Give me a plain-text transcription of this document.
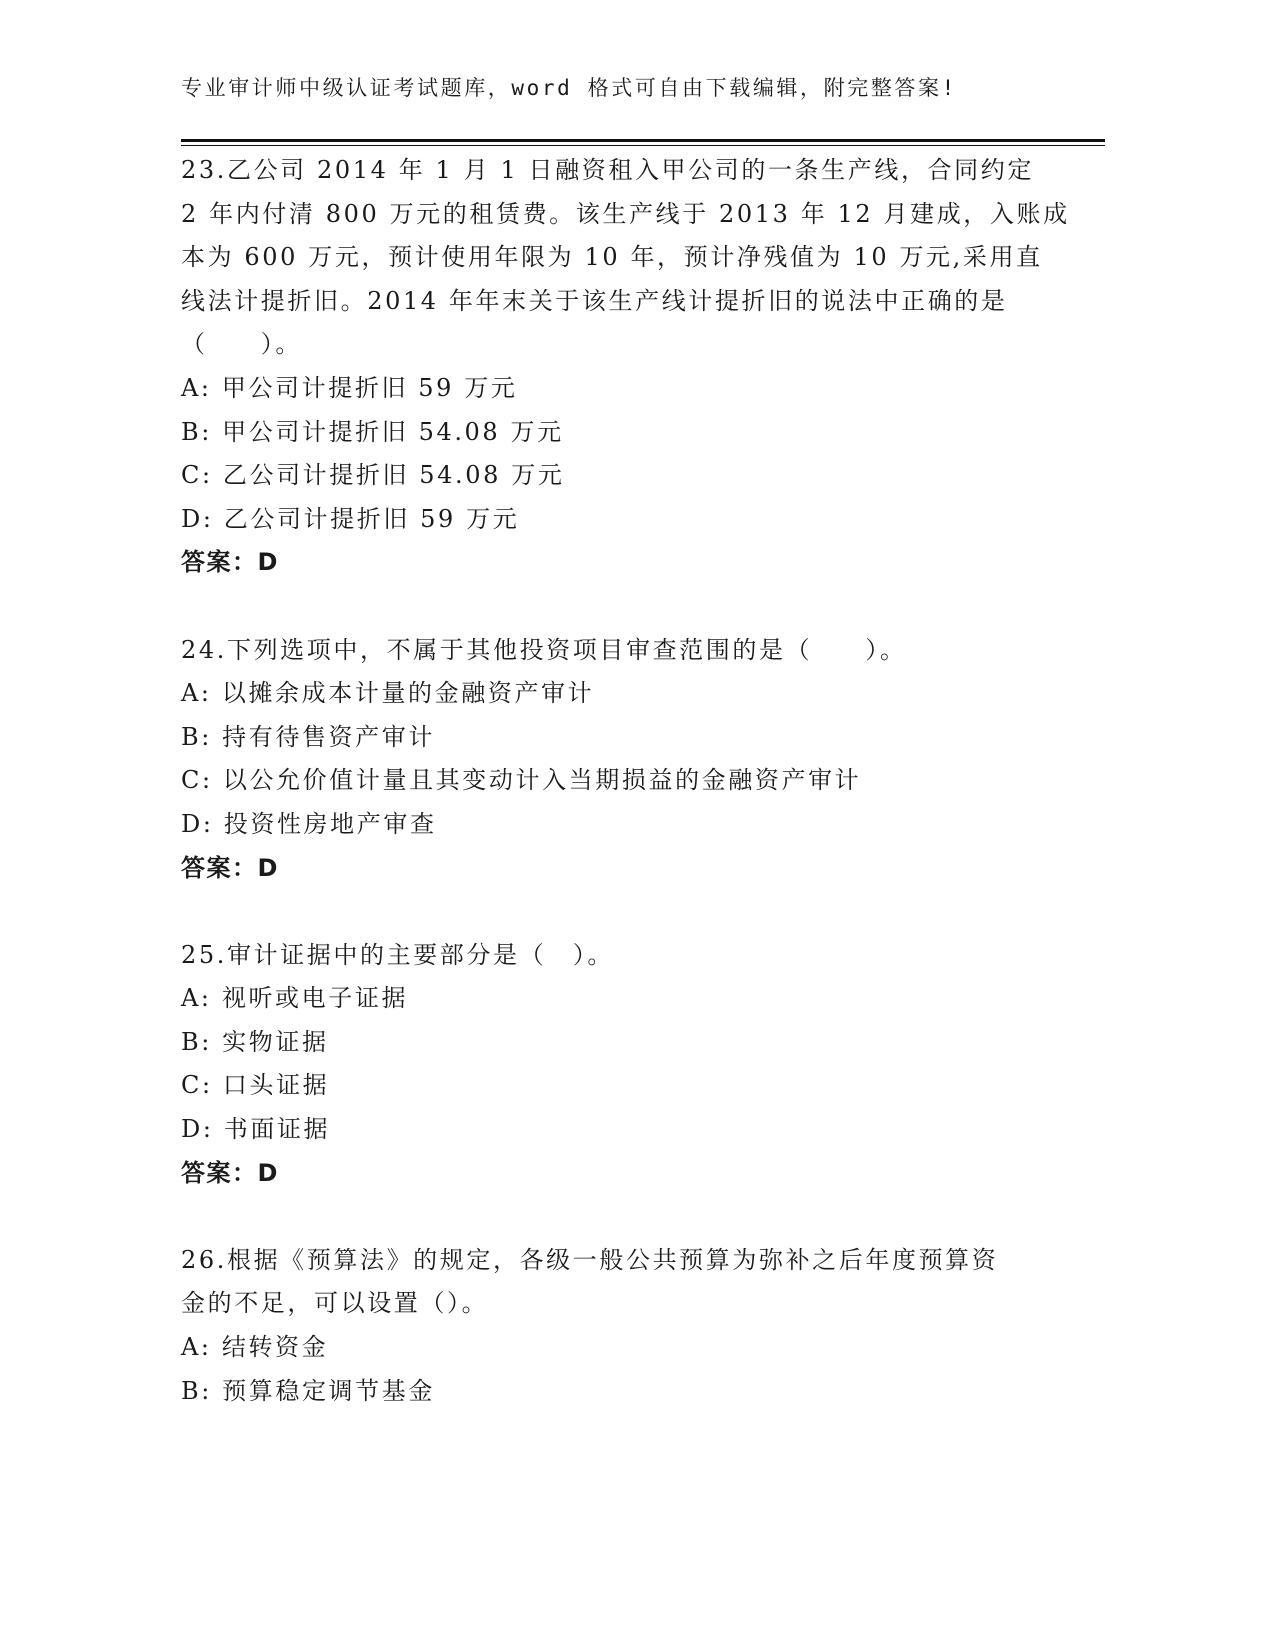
专业审计师中级认证考试题库，word 格式可自由下载编辑，附完整答案!

23.乙公司 2014 年 1 月 1 日融资租入甲公司的一条生产线，合同约定

2 年内付清 800 万元的租赁费。该生产线于 2013 年 12 月建成，入账成

本为 600 万元，预计使用年限为 10 年，预计净残值为 10 万元,采用直

线法计提折旧。2014 年年末关于该生产线计提折旧的说法中正确的是

（　　）。

A: 甲公司计提折旧 59 万元

B: 甲公司计提折旧 54.08 万元

C: 乙公司计提折旧 54.08 万元

D: 乙公司计提折旧 59 万元

答案：D

24.下列选项中，不属于其他投资项目审查范围的是（　　）。

A: 以摊余成本计量的金融资产审计

B: 持有待售资产审计

C: 以公允价值计量且其变动计入当期损益的金融资产审计

D: 投资性房地产审查

答案：D

25.审计证据中的主要部分是（　）。

A: 视听或电子证据

B: 实物证据

C: 口头证据

D: 书面证据

答案：D

26.根据《预算法》的规定，各级一般公共预算为弥补之后年度预算资

金的不足，可以设置（）。

A: 结转资金

B: 预算稳定调节基金
